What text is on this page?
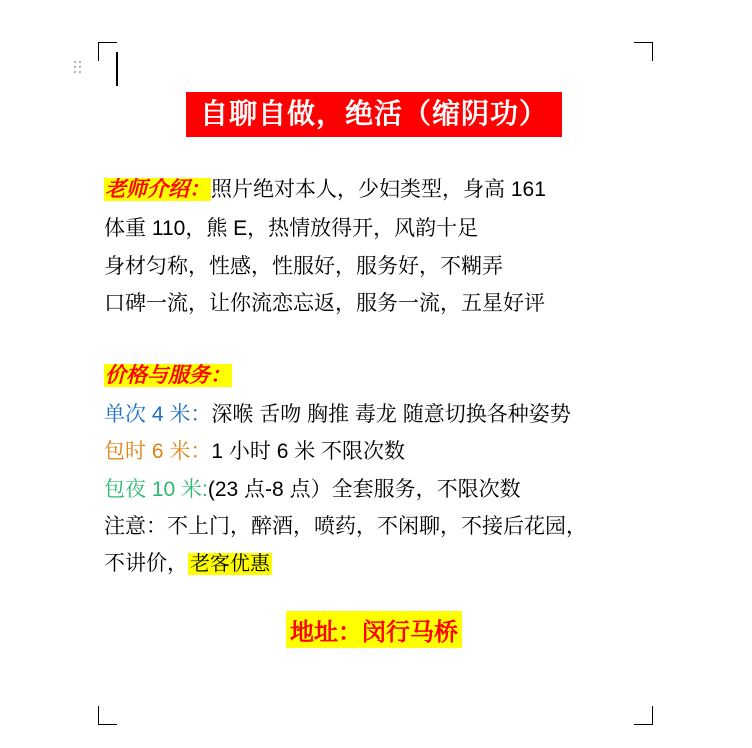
自聊自做，绝活（缩阴功）
老师介绍：照片绝对本人，少妇类型，身高 161
体重 110，熊 E，热情放得开，风韵十足
身材匀称，性感，性服好，服务好，不糊弄
口碑一流，让你流恋忘返，服务一流，五星好评
价格与服务：
单次 4 米：深喉 舌吻 胸推 毒龙 随意切换各种姿势
包时 6 米：1 小时 6 米 不限次数
包夜 10 米:(23 点-8 点）全套服务，不限次数
注意：不上门，醉酒，喷药，不闲聊，不接后花园，
不讲价， 老客优惠
地址：闵行马桥
